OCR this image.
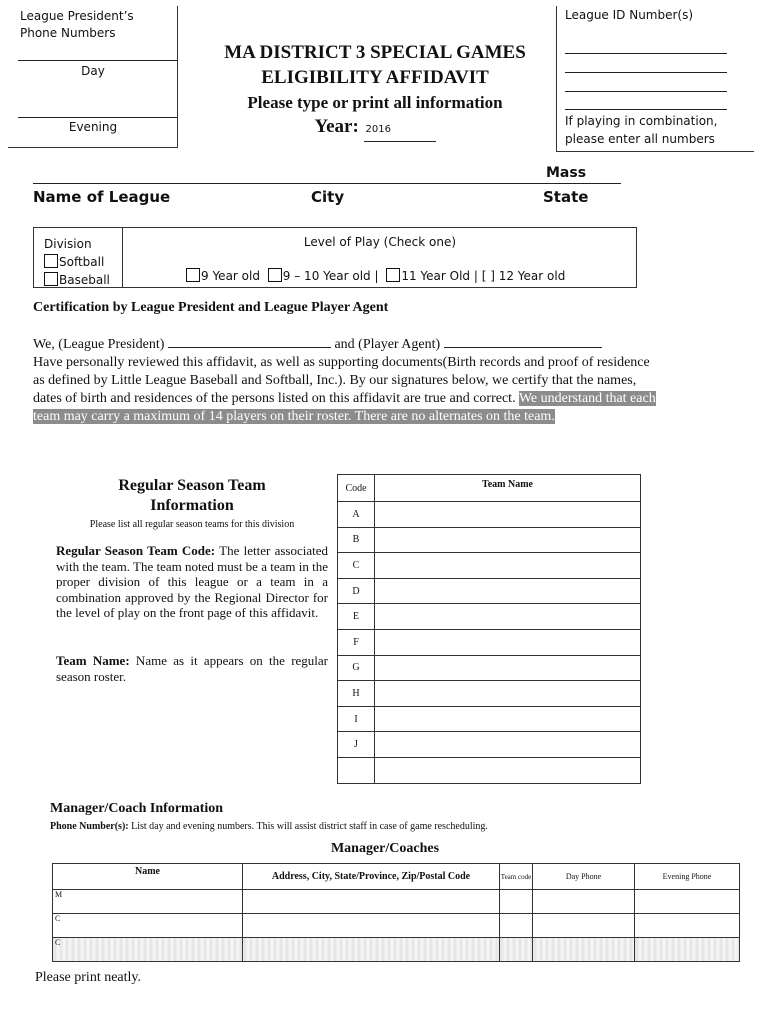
League President’s Phone Numbers
Day
Evening
MA DISTRICT 3 SPECIAL GAMES
ELIGIBILITY AFFIDAVIT
Please type or print all information
Year: 2016
League ID Number(s)
If playing in combination, please enter all numbers
Mass
Name of League	City	State
Division
Softball
Baseball
Level of Play (Check one)
9 Year old 9 – 10 Year old | 11 Year Old | [ ] 12 Year old
Certification by League President and League Player Agent
We, (League President)	and (Player Agent)
Have personally reviewed this affidavit, as well as supporting documents(Birth records and proof of residence
as defined by Little League Baseball and Softball, Inc.). By our signatures below, we certify that the names,
dates of birth and residences of the persons listed on this affidavit are true and correct. We understand that each
team may carry a maximum of 14 players on their roster. There are no alternates on the team.
Regular Season Team
Information
Please list all regular season teams for this division
Regular Season Team Code: The letter associated with the team. The team noted must be a team in the proper division of this league or a team in a combination approved by the Regional Director for the level of play on the front page of this affidavit.
Team Name: Name as it appears on the regular season roster.
Code	Team Name
A	
B	
C	
D	
E	
F	
G	
H	
I	
J	

Manager/Coach Information
Phone Number(s): List day and evening numbers. This will assist district staff in case of game rescheduling.
Manager/Coaches
Name	Address, City, State/Province, Zip/Postal Code	Team code	Day Phone	Evening Phone
M				
C				
C				
Please print neatly.
